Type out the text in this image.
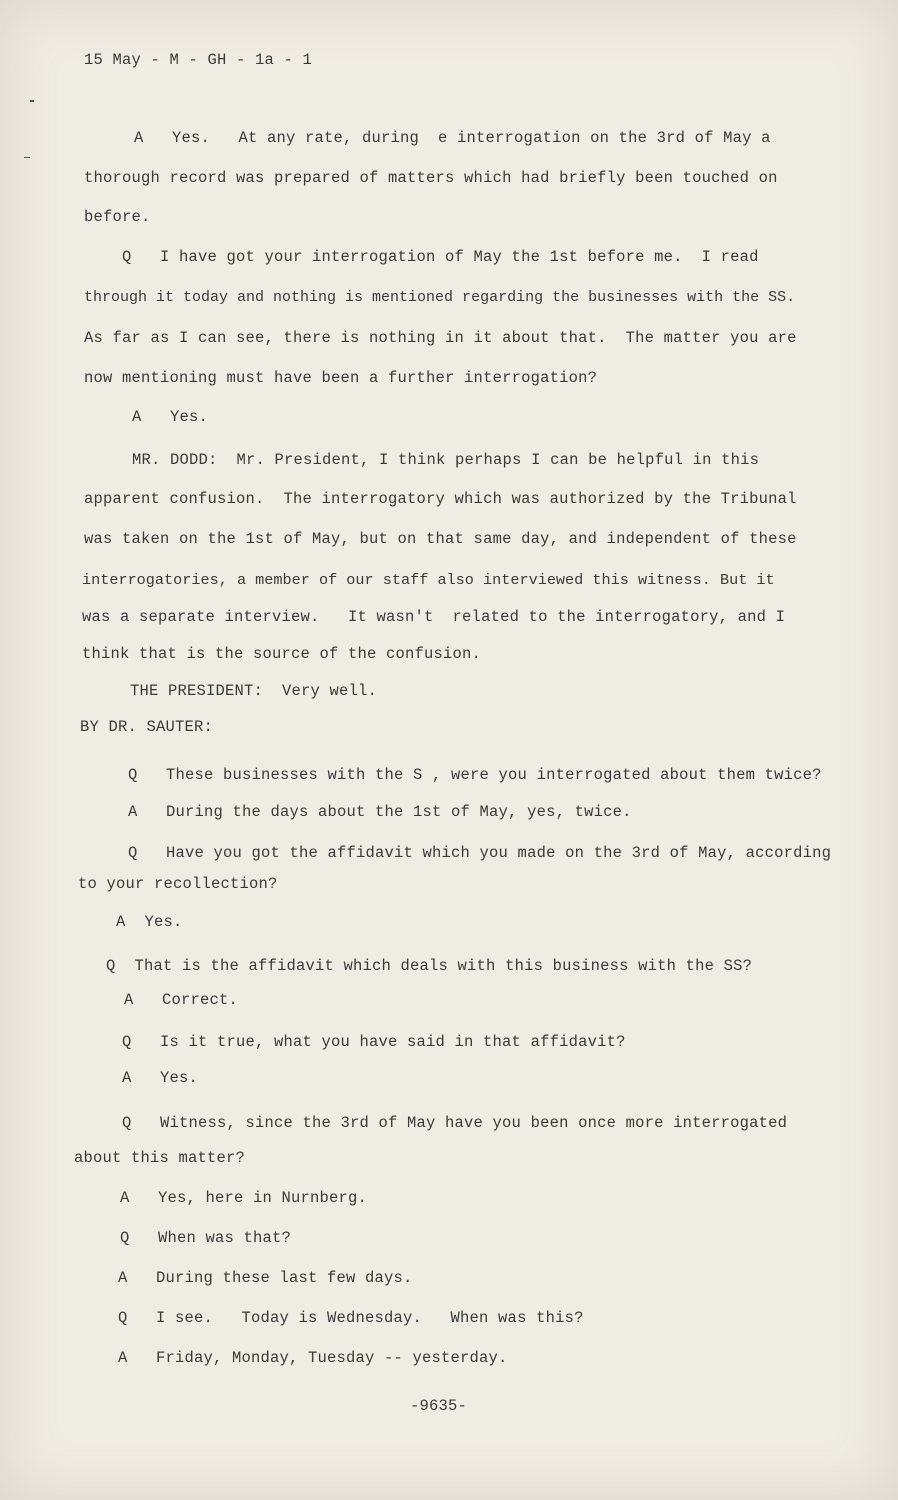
15 May - M - GH - 1a - 1
A   Yes.   At any rate, during  e interrogation on the 3rd of May a
thorough record was prepared of matters which had briefly been touched on
before.
Q   I have got your interrogation of May the 1st before me.  I read
through it today and nothing is mentioned regarding the businesses with the SS.
As far as I can see, there is nothing in it about that.  The matter you are
now mentioning must have been a further interrogation?
A   Yes.
MR. DODD:  Mr. President, I think perhaps I can be helpful in this
apparent confusion.  The interrogatory which was authorized by the Tribunal
was taken on the 1st of May, but on that same day, and independent of these
interrogatories, a member of our staff also interviewed this witness. But it
was a separate interview.   It wasn't  related to the interrogatory, and I
think that is the source of the confusion.
THE PRESIDENT:  Very well.
BY DR. SAUTER:
Q   These businesses with the S , were you interrogated about them twice?
A   During the days about the 1st of May, yes, twice.
Q   Have you got the affidavit which you made on the 3rd of May, according
to your recollection?
A  Yes.
Q  That is the affidavit which deals with this business with the SS?
A   Correct.
Q   Is it true, what you have said in that affidavit?
A   Yes.
Q   Witness, since the 3rd of May have you been once more interrogated
about this matter?
A   Yes, here in Nurnberg.
Q   When was that?
A   During these last few days.
Q   I see.   Today is Wednesday.   When was this?
A   Friday, Monday, Tuesday -- yesterday.
-9635-
